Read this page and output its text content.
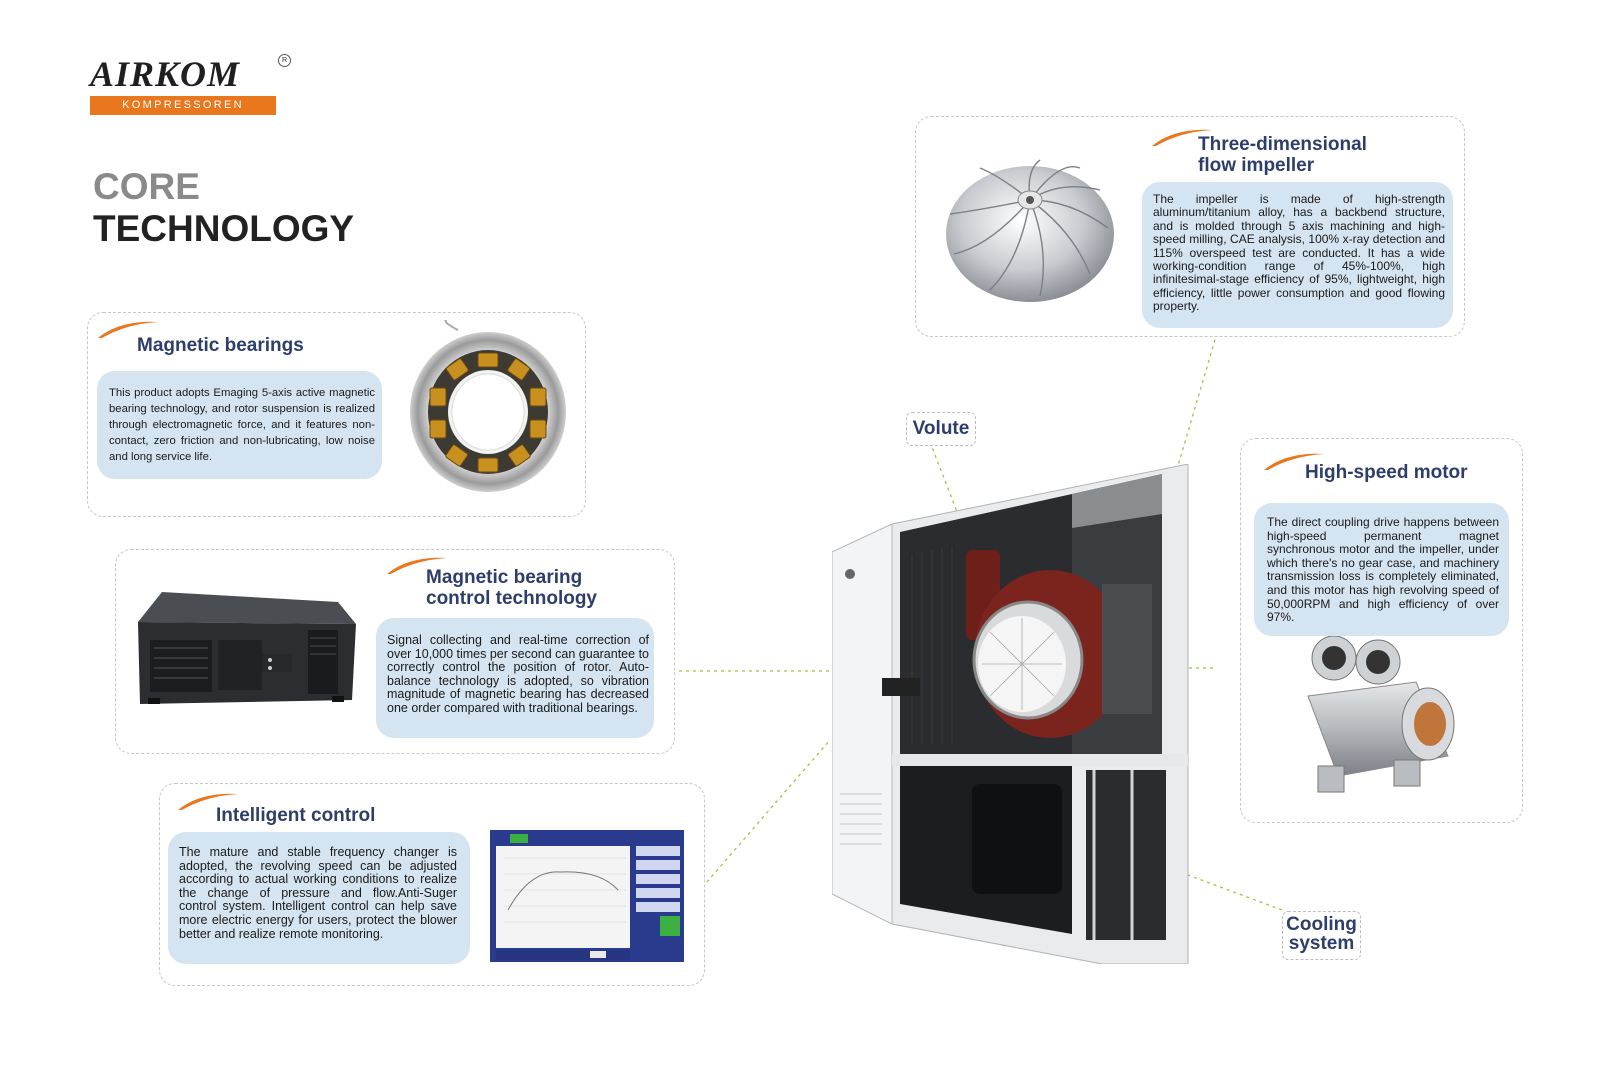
AIRKOM	R
KOMPRESSOREN
CORE
TECHNOLOGY
Magnetic bearings
This product adopts Emaging 5-axis active magnetic bearing technology, and rotor suspension is realized through electromagnetic force, and it features non-contact, zero friction and non-lubricating, low noise and long service life.
Magnetic bearing
control technology
Signal collecting and real-time correction of over 10,000 times per second can guarantee to correctly control the position of rotor. Auto-balance technology is adopted, so vibration magnitude of magnetic bearing has decreased one order compared with traditional bearings.
Intelligent control
The mature and stable frequency changer is adopted, the revolving speed can be adjusted according to actual working conditions to realize the change of pressure and flow.Anti-Suger control system. Intelligent control can help save more electric energy for users, protect the blower better and realize remote monitoring.
Three-dimensional
flow impeller
The impeller is made of high-strength aluminum/titanium alloy, has a backbend structure, and is molded through 5 axis machining and high-speed milling, CAE analysis, 100% x-ray detection and 115% overspeed test are conducted. It has a wide working-condition range of 45%-100%, high infinitesimal-stage efficiency of 95%, lightweight, high efficiency, little power consumption and good flowing property.
High-speed motor
The direct coupling drive happens between high-speed permanent magnet synchronous motor and the impeller, under which there's no gear case, and machinery transmission loss is completely eliminated, and this motor has high revolving speed of 50,000RPM and high efficiency of over 97%.
Volute
Cooling
system
